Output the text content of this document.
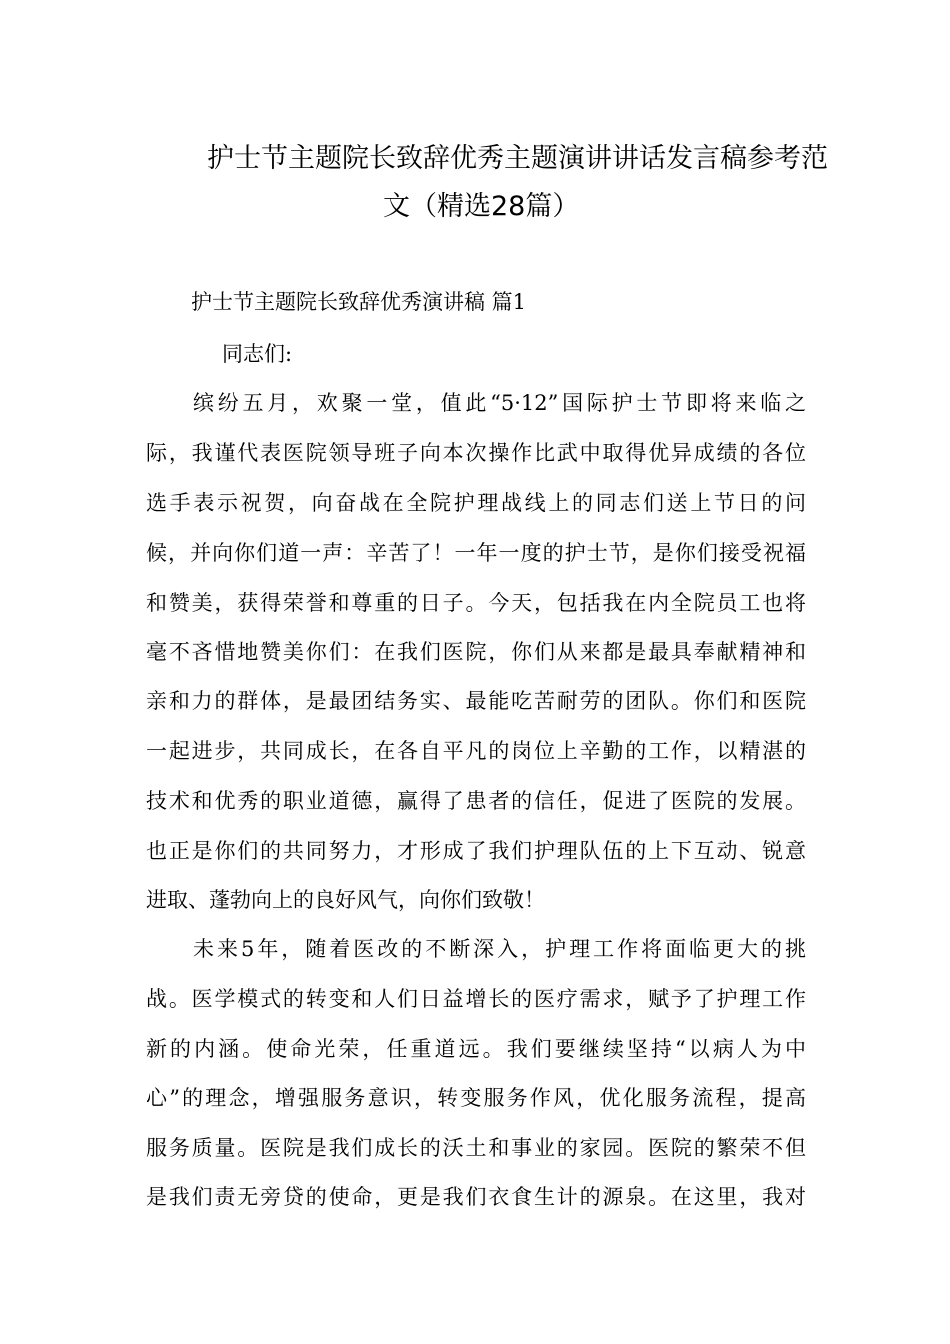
护士节主题院长致辞优秀主题演讲讲话发言稿参考范
文（精选28篇）
护士节主题院长致辞优秀演讲稿 篇1
同志们:
缤纷五月，欢聚一堂，值此“5·12”国际护士节即将来临之
际，我谨代表医院领导班子向本次操作比武中取得优异成绩的各位
选手表示祝贺，向奋战在全院护理战线上的同志们送上节日的问
候，并向你们道一声：辛苦了！一年一度的护士节，是你们接受祝福
和赞美，获得荣誉和尊重的日子。今天，包括我在内全院员工也将
毫不吝惜地赞美你们：在我们医院，你们从来都是最具奉献精神和
亲和力的群体，是最团结务实、最能吃苦耐劳的团队。你们和医院
一起进步，共同成长，在各自平凡的岗位上辛勤的工作，以精湛的
技术和优秀的职业道德，赢得了患者的信任，促进了医院的发展。
也正是你们的共同努力，才形成了我们护理队伍的上下互动、锐意
进取、蓬勃向上的良好风气，向你们致敬！
未来5年，随着医改的不断深入，护理工作将面临更大的挑
战。医学模式的转变和人们日益增长的医疗需求，赋予了护理工作
新的内涵。使命光荣，任重道远。我们要继续坚持“以病人为中
心”的理念，增强服务意识，转变服务作风，优化服务流程，提高
服务质量。医院是我们成长的沃土和事业的家园。医院的繁荣不但
是我们责无旁贷的使命，更是我们衣食生计的源泉。在这里，我对
